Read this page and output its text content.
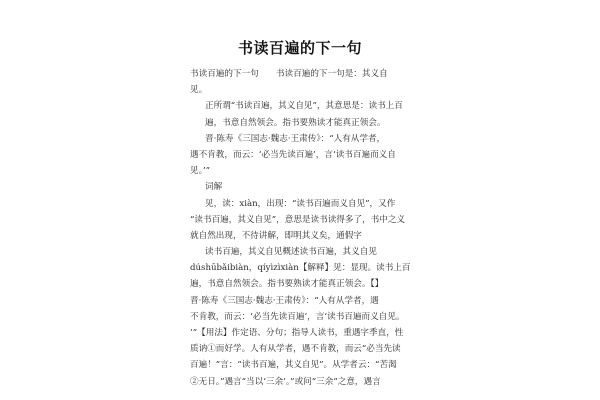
书读百遍的下一句
书读百遍的下一句　　书读百遍的下一句是：其义自
见。
正所谓“书读百遍，其义自见”，其意思是：读书上百
遍，书意自然领会。指书要熟读才能真正领会。
晋·陈寿《三国志·魏志·王肃传》：“人有从学者，
遇不肯教，而云：‘必当先读百遍’，言‘读书百遍而义自
见。’”
词解
见，读：xiàn，出现：“读书百遍而义自见”，又作
“读书百遍，其义自见”，意思是读书读得多了，书中之义
就自然出现，不待讲解，即明其义矣，通假字
读书百遍，其义自见概述读书百遍，其义自见
dúshūbǎibiàn，qíyìzìxiàn【解释】见：显现。读书上百
遍，书意自然领会。指书要熟读才能真正领会。【】
晋·陈寿《三国志·魏志·王肃传》：“人有从学者，遇
不肯教，而云：‘必当先读百遍’，言‘读书百遍而义自见。
’”【用法】作定语、分句；指导人读书，重遇字季直，性
质讷①而好学。人有从学者，遇不肯教，而云“必当先读
百遍！”言：“读书百遍，其义自见”。从学者云：“苦渴
②无日。”遇言“当以‘三余’。”或问“三余”之意，遇言
